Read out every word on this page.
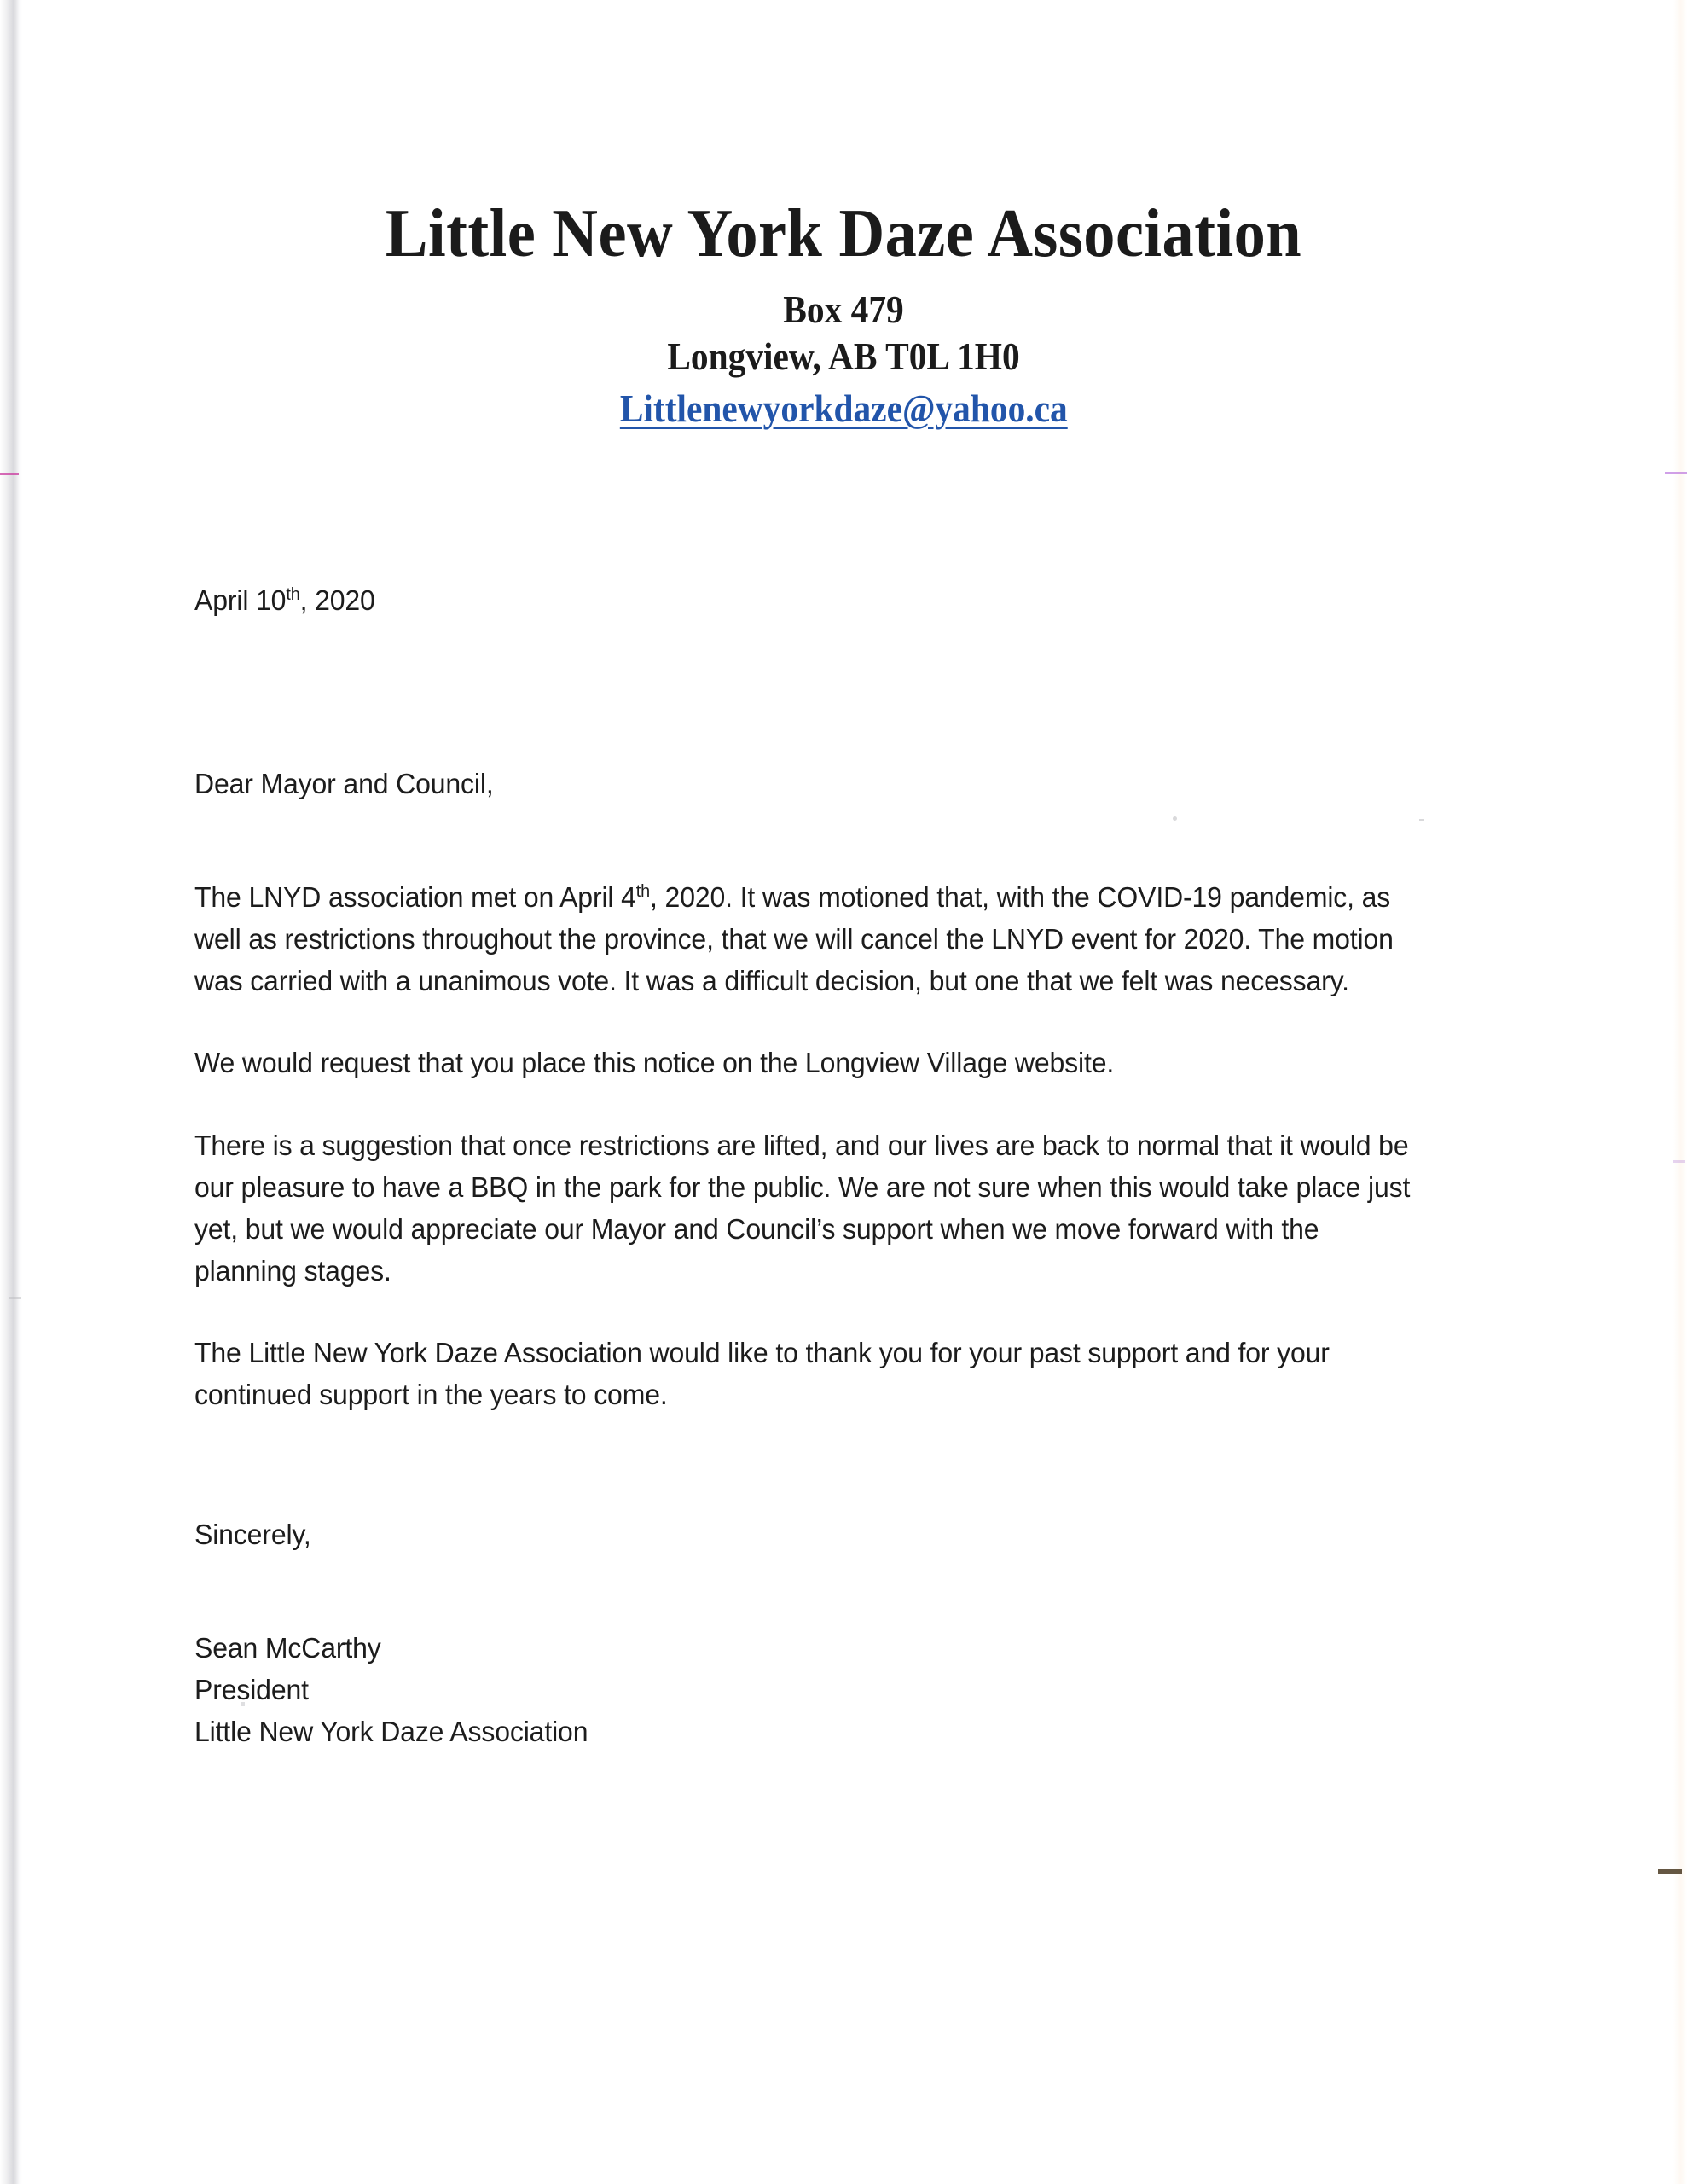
Little New York Daze Association
Box 479
Longview, AB T0L 1H0
Littlenewyorkdaze@yahoo.ca

April 10th, 2020

Dear Mayor and Council,

The LNYD association met on April 4th, 2020. It was motioned that, with the COVID-19 pandemic, as well as restrictions throughout the province, that we will cancel the LNYD event for 2020. The motion was carried with a unanimous vote. It was a difficult decision, but one that we felt was necessary.

We would request that you place this notice on the Longview Village website.

There is a suggestion that once restrictions are lifted, and our lives are back to normal that it would be our pleasure to have a BBQ in the park for the public. We are not sure when this would take place just yet, but we would appreciate our Mayor and Council’s support when we move forward with the planning stages.

The Little New York Daze Association would like to thank you for your past support and for your continued support in the years to come.

Sincerely,

Sean McCarthy
President
Little New York Daze Association
